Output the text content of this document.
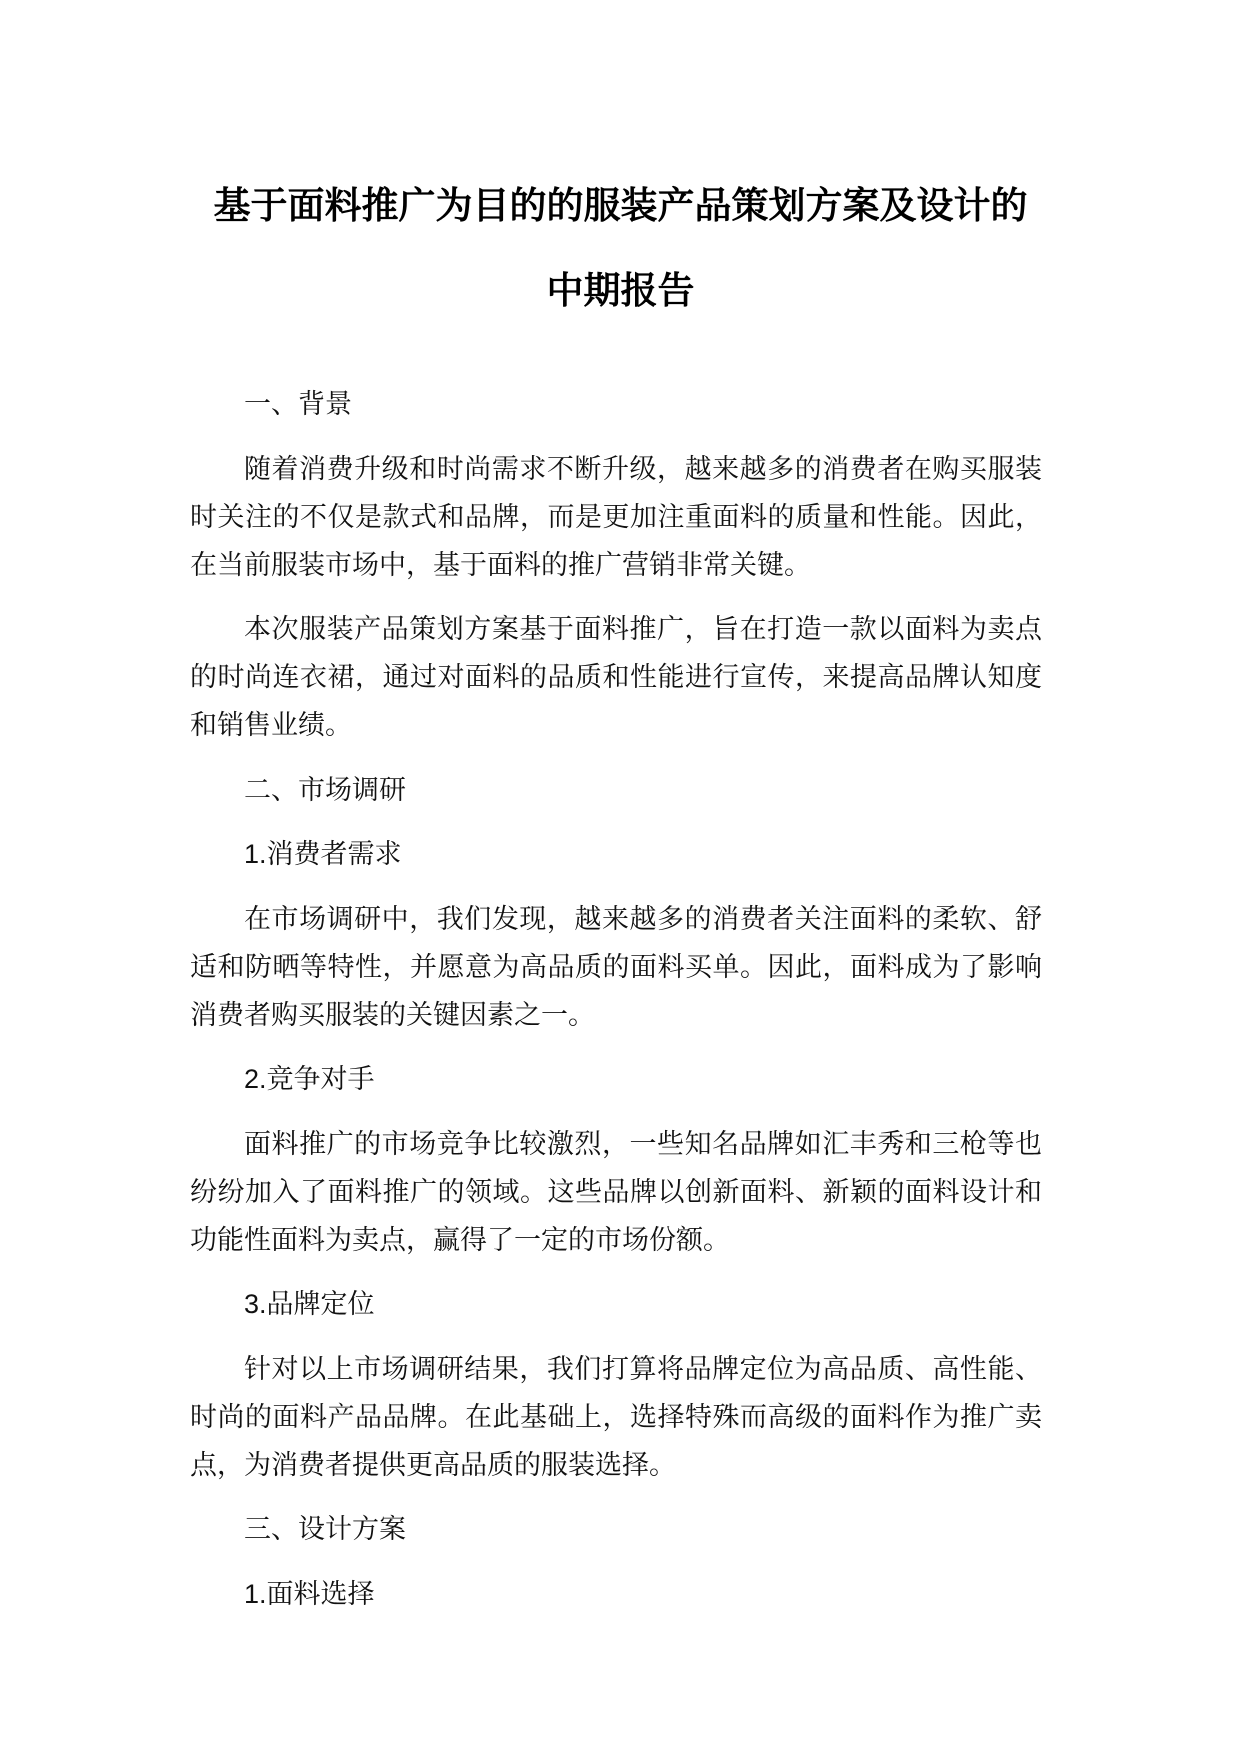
基于面料推广为目的的服装产品策划方案及设计的
中期报告
一、背景
随着消费升级和时尚需求不断升级，越来越多的消费者在购买服装
时关注的不仅是款式和品牌，而是更加注重面料的质量和性能。因此，
在当前服装市场中，基于面料的推广营销非常关键。
本次服装产品策划方案基于面料推广，旨在打造一款以面料为卖点
的时尚连衣裙，通过对面料的品质和性能进行宣传，来提高品牌认知度
和销售业绩。
二、市场调研
1.消费者需求
在市场调研中，我们发现，越来越多的消费者关注面料的柔软、舒
适和防晒等特性，并愿意为高品质的面料买单。因此，面料成为了影响
消费者购买服装的关键因素之一。
2.竞争对手
面料推广的市场竞争比较激烈，一些知名品牌如汇丰秀和三枪等也
纷纷加入了面料推广的领域。这些品牌以创新面料、新颖的面料设计和
功能性面料为卖点，赢得了一定的市场份额。
3.品牌定位
针对以上市场调研结果，我们打算将品牌定位为高品质、高性能、
时尚的面料产品品牌。在此基础上，选择特殊而高级的面料作为推广卖
点，为消费者提供更高品质的服装选择。
三、设计方案
1.面料选择
